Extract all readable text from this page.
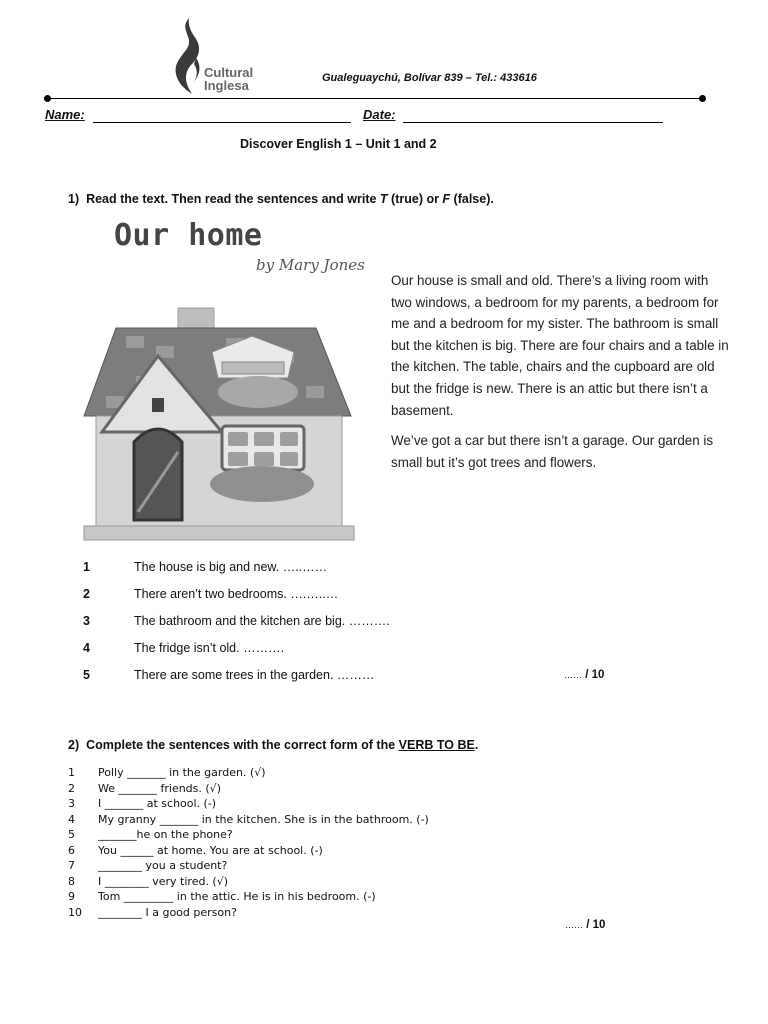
Cultural
Inglesa	Gualeguaychú, Bolívar 839 – Tel.: 433616
Name:	Date:
Discover English 1 – Unit 1 and 2
1) Read the text. Then read the sentences and write T (true) or F (false).
Our home
by Mary Jones

Our house is small and old. There’s a living room with two windows, a bedroom for my parents, a bedroom for me and a bedroom for my sister. The bathroom is small but the kitchen is big. There are four chairs and a table in the kitchen. The table, chairs and the cupboard are old but the fridge is new. There is an attic but there isn’t a basement.

We’ve got a car but there isn’t a garage. Our garden is small but it’s got trees and flowers.

1	The house is big and new. …..……
2	There aren’t two bedrooms. ….…..…
3	The bathroom and the kitchen are big. ……….
4	The fridge isn’t old. ……….
5	There are some trees in the garden. ………	…… / 10
2) Complete the sentences with the correct form of the VERB TO BE.
1 Polly _______ in the garden. (√)
2 We _______ friends. (√)
3 I _______ at school. (-)
4 My granny _______ in the kitchen. She is in the bathroom. (-)
5 _______he on the phone?
6 You ______ at home. You are at school. (-)
7 ________ you a student?
8 I ________ very tired. (√)
9 Tom _________ in the attic. He is in his bedroom. (-)
10 ________ I a good person?
…… / 10
